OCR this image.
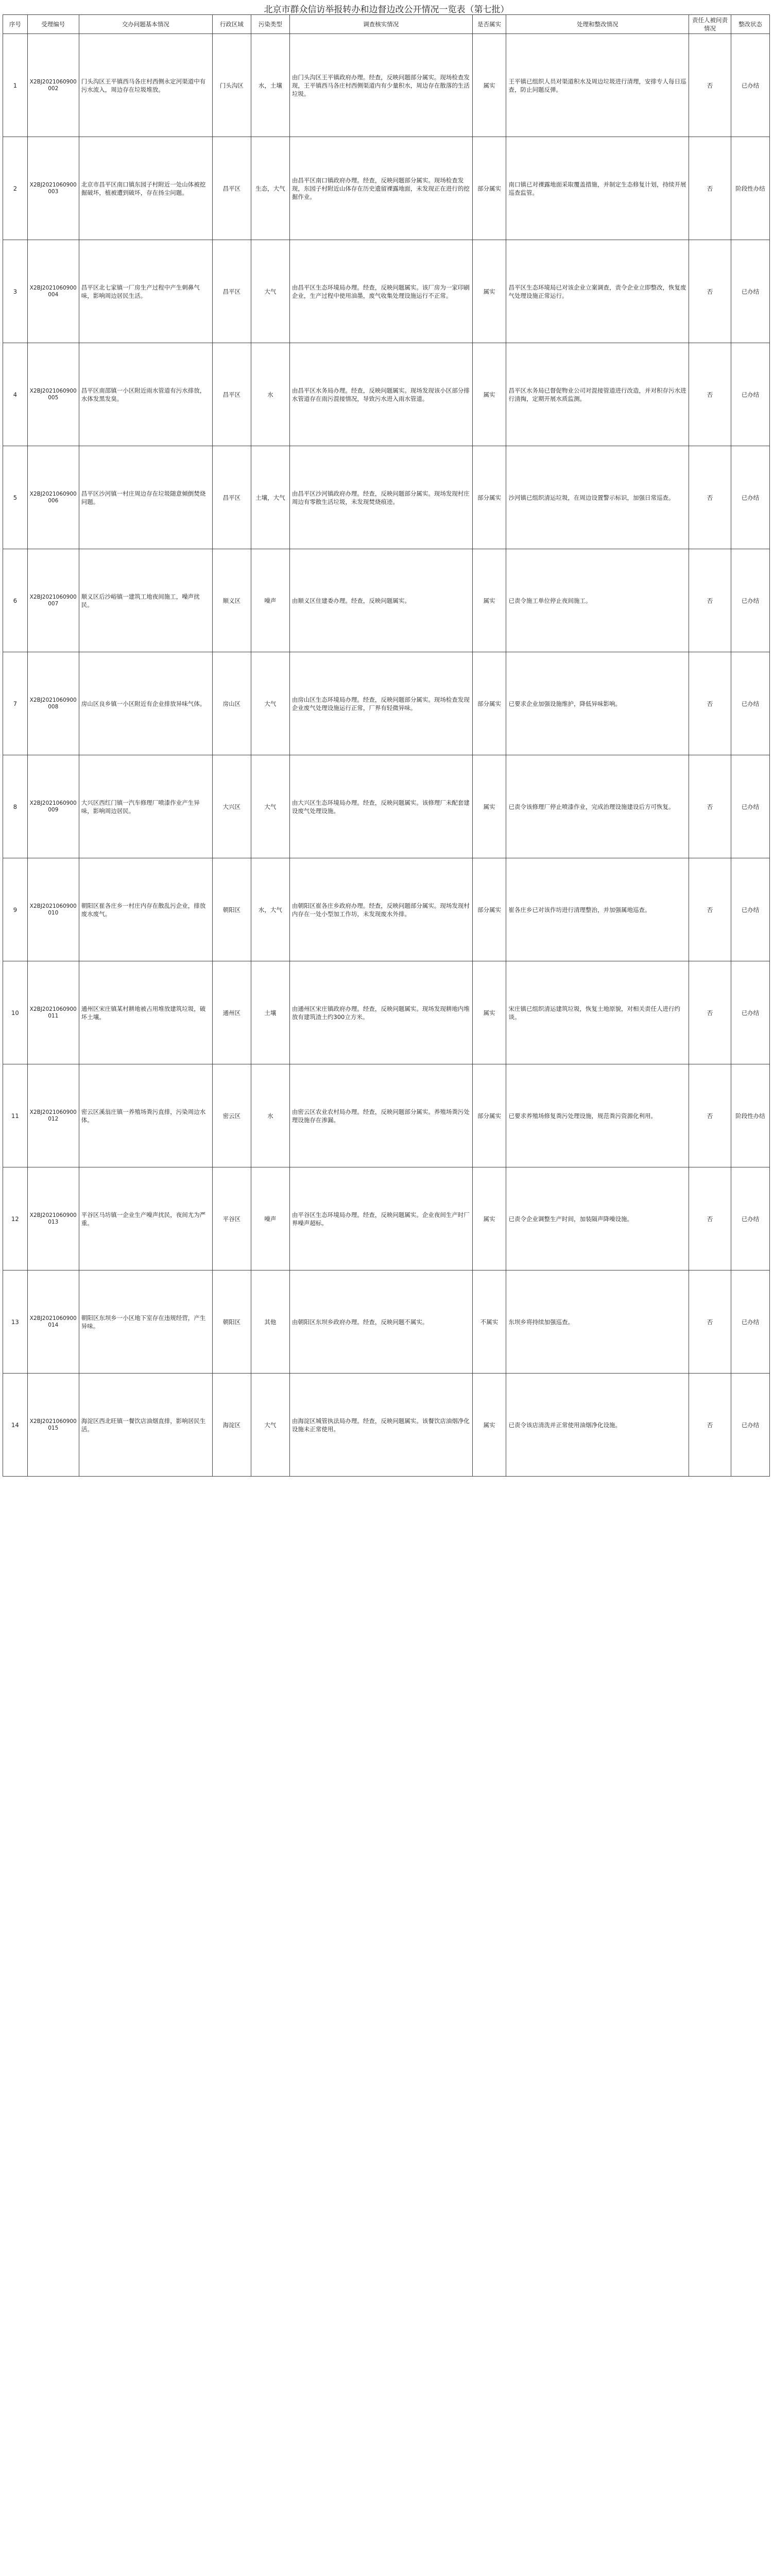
北京市群众信访举报转办和边督边改公开情况一览表（第七批）
序号	受理编号	交办问题基本情况	行政区域	污染类型	调查核实情况	是否属实	处理和整改情况	责任人被问责情况	整改状态
1	X2BJ2021060900002	门头沟区王平镇西马各庄村西侧永定河渠道中有污水流入，周边存在垃圾堆放。	门头沟区	水，土壤	由门头沟区王平镇政府办理。经查，反映问题部分属实。现场检查发现，王平镇西马各庄村西侧渠道内有少量积水，周边存在散落的生活垃圾。	属实	王平镇已组织人员对渠道积水及周边垃圾进行清理，安排专人每日巡查，防止问题反弹。	否	已办结
2	X2BJ2021060900003	北京市昌平区南口镇东园子村附近一处山体被挖掘破坏，植被遭到破坏，存在扬尘问题。	昌平区	生态，大气	由昌平区南口镇政府办理。经查，反映问题部分属实。现场检查发现，东园子村附近山体存在历史遗留裸露地面，未发现正在进行的挖掘作业。	部分属实	南口镇已对裸露地面采取覆盖措施，并制定生态修复计划，持续开展巡查监管。	否	阶段性办结
3	X2BJ2021060900004	昌平区北七家镇一厂房生产过程中产生刺鼻气味，影响周边居民生活。	昌平区	大气	由昌平区生态环境局办理。经查，反映问题属实。该厂房为一家印刷企业，生产过程中使用油墨，废气收集处理设施运行不正常。	属实	昌平区生态环境局已对该企业立案调查，责令企业立即整改，恢复废气处理设施正常运行。	否	已办结
4	X2BJ2021060900005	昌平区南邵镇一小区附近雨水管道有污水排放，水体发黑发臭。	昌平区	水	由昌平区水务局办理。经查，反映问题属实。现场发现该小区部分排水管道存在雨污混接情况，导致污水进入雨水管道。	属实	昌平区水务局已督促物业公司对混接管道进行改造，并对积存污水进行清掏，定期开展水质监测。	否	已办结
5	X2BJ2021060900006	昌平区沙河镇一村庄周边存在垃圾随意倾倒焚烧问题。	昌平区	土壤，大气	由昌平区沙河镇政府办理。经查，反映问题部分属实。现场发现村庄周边有零散生活垃圾，未发现焚烧痕迹。	部分属实	沙河镇已组织清运垃圾，在周边设置警示标识，加强日常巡查。	否	已办结
6	X2BJ2021060900007	顺义区后沙峪镇一建筑工地夜间施工，噪声扰民。	顺义区	噪声	由顺义区住建委办理。经查，反映问题属实。	属实	已责令施工单位停止夜间施工。	否	已办结
7	X2BJ2021060900008	房山区良乡镇一小区附近有企业排放异味气体。	房山区	大气	由房山区生态环境局办理。经查，反映问题部分属实。现场检查发现企业废气处理设施运行正常，厂界有轻微异味。	部分属实	已要求企业加强设施维护，降低异味影响。	否	已办结
8	X2BJ2021060900009	大兴区西红门镇一汽车修理厂喷漆作业产生异味，影响周边居民。	大兴区	大气	由大兴区生态环境局办理。经查，反映问题属实。该修理厂未配套建设废气处理设施。	属实	已责令该修理厂停止喷漆作业，完成治理设施建设后方可恢复。	否	已办结
9	X2BJ2021060900010	朝阳区崔各庄乡一村庄内存在散乱污企业，排放废水废气。	朝阳区	水，大气	由朝阳区崔各庄乡政府办理。经查，反映问题部分属实。现场发现村内存在一处小型加工作坊，未发现废水外排。	部分属实	崔各庄乡已对该作坊进行清理整治，并加强属地巡查。	否	已办结
10	X2BJ2021060900011	通州区宋庄镇某村耕地被占用堆放建筑垃圾，破坏土壤。	通州区	土壤	由通州区宋庄镇政府办理。经查，反映问题属实。现场发现耕地内堆放有建筑渣土约300立方米。	属实	宋庄镇已组织清运建筑垃圾，恢复土地原貌，对相关责任人进行约谈。	否	已办结
11	X2BJ2021060900012	密云区溪翁庄镇一养殖场粪污直排，污染周边水体。	密云区	水	由密云区农业农村局办理。经查，反映问题部分属实。养殖场粪污处理设施存在渗漏。	部分属实	已要求养殖场修复粪污处理设施，规范粪污资源化利用。	否	阶段性办结
12	X2BJ2021060900013	平谷区马坊镇一企业生产噪声扰民，夜间尤为严重。	平谷区	噪声	由平谷区生态环境局办理。经查，反映问题属实。企业夜间生产时厂界噪声超标。	属实	已责令企业调整生产时间，加装隔声降噪设施。	否	已办结
13	X2BJ2021060900014	朝阳区东坝乡一小区地下室存在违规经营，产生异味。	朝阳区	其他	由朝阳区东坝乡政府办理。经查，反映问题不属实。	不属实	东坝乡将持续加强巡查。	否	已办结
14	X2BJ2021060900015	海淀区西北旺镇一餐饮店油烟直排，影响居民生活。	海淀区	大气	由海淀区城管执法局办理。经查，反映问题属实。该餐饮店油烟净化设施未正常使用。	属实	已责令该店清洗并正常使用油烟净化设施。	否	已办结
